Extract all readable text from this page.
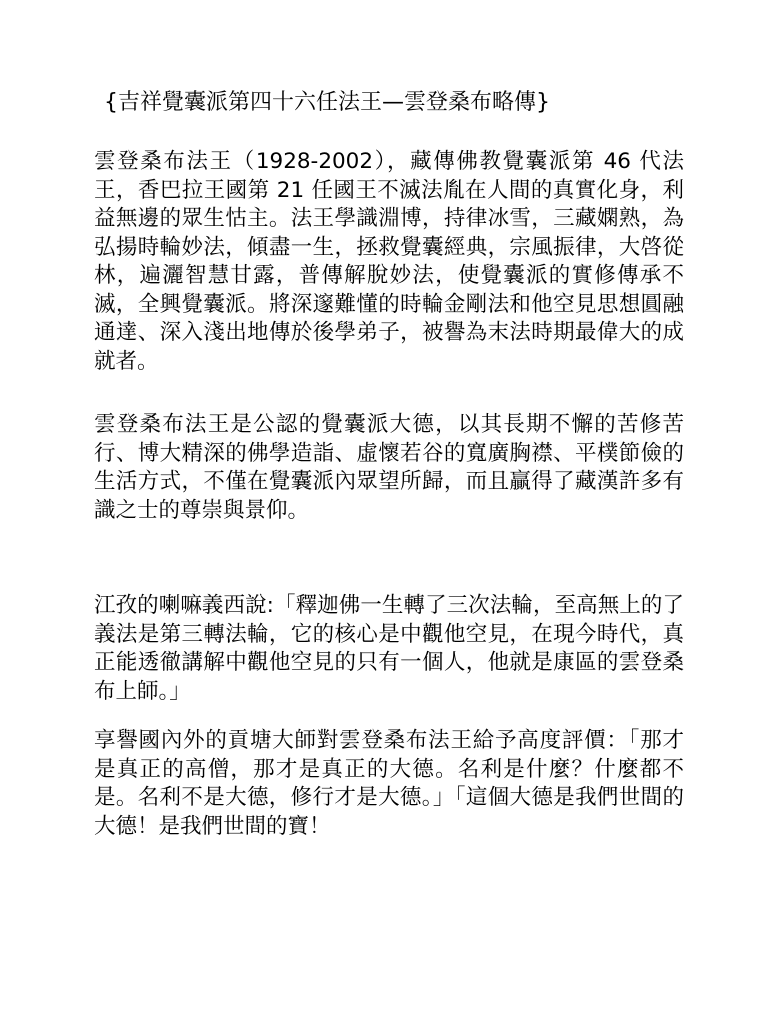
{吉祥覺囊派第四十六任法王—雲登桑布略傳}

雲登桑布法王（1928-2002），藏傳佛教覺囊派第 46 代法王，香巴拉王國第 21 任國王不滅法胤在人間的真實化身，利益無邊的眾生怙主。法王學識淵博，持律冰雪，三藏嫻熟，為弘揚時輪妙法，傾盡一生，拯救覺囊經典，宗風振律，大啓從林，遍灑智慧甘露，普傳解脫妙法，使覺囊派的實修傳承不滅，全興覺囊派。將深邃難懂的時輪金剛法和他空見思想圓融通達、深入淺出地傳於後學弟子，被譽為末法時期最偉大的成就者。

雲登桑布法王是公認的覺囊派大德，以其長期不懈的苦修苦行、博大精深的佛學造詣、虛懷若谷的寬廣胸襟、平樸節儉的生活方式，不僅在覺囊派內眾望所歸，而且贏得了藏漢許多有識之士的尊崇與景仰。

江孜的喇嘛義西說:「釋迦佛一生轉了三次法輪，至高無上的了義法是第三轉法輪，它的核心是中觀他空見，在現今時代，真正能透徹講解中觀他空見的只有一個人，他就是康區的雲登桑布上師。」

享譽國內外的貢塘大師對雲登桑布法王給予高度評價：「那才是真正的高僧，那才是真正的大德。名利是什麼？什麼都不是。名利不是大德，修行才是大德。」「這個大德是我們世間的大德！是我們世間的寶！
